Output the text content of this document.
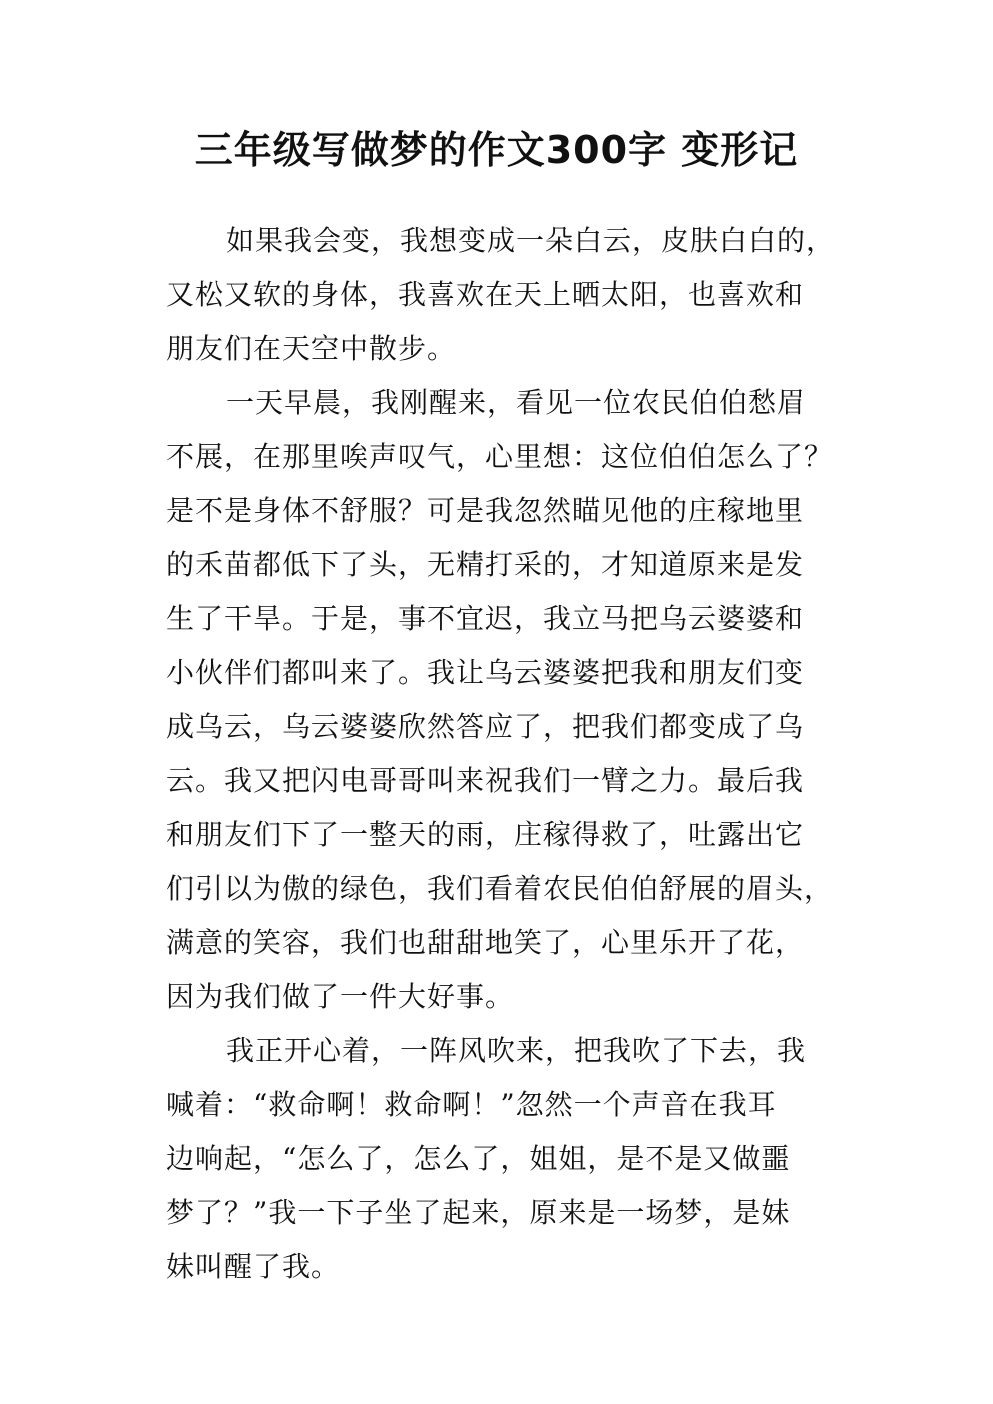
三年级写做梦的作文300字 变形记
如果我会变，我想变成一朵白云，皮肤白白的，
又松又软的身体，我喜欢在天上晒太阳，也喜欢和
朋友们在天空中散步。
一天早晨，我刚醒来，看见一位农民伯伯愁眉
不展，在那里唉声叹气，心里想：这位伯伯怎么了？
是不是身体不舒服？可是我忽然瞄见他的庄稼地里
的禾苗都低下了头，无精打采的，才知道原来是发
生了干旱。于是，事不宜迟，我立马把乌云婆婆和
小伙伴们都叫来了。我让乌云婆婆把我和朋友们变
成乌云，乌云婆婆欣然答应了，把我们都变成了乌
云。我又把闪电哥哥叫来祝我们一臂之力。最后我
和朋友们下了一整天的雨，庄稼得救了，吐露出它
们引以为傲的绿色，我们看着农民伯伯舒展的眉头，
满意的笑容，我们也甜甜地笑了，心里乐开了花，
因为我们做了一件大好事。
我正开心着，一阵风吹来，把我吹了下去，我
喊着：“救命啊！救命啊！”忽然一个声音在我耳
边响起，“怎么了，怎么了，姐姐，是不是又做噩
梦了？”我一下子坐了起来，原来是一场梦，是妹
妹叫醒了我。
